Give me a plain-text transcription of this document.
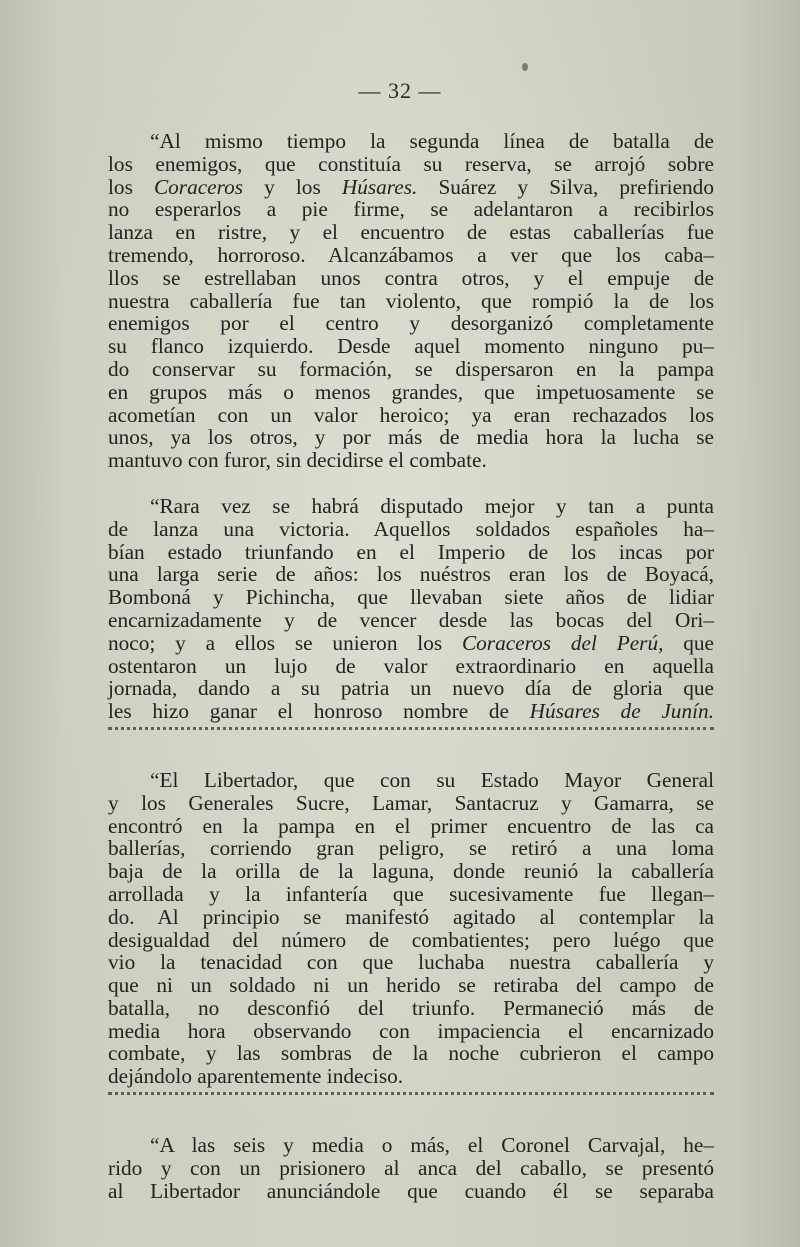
— 32 —
“Al mismo tiempo la segunda línea de batalla de
los enemigos, que constituía su reserva, se arrojó sobre
los Coraceros y los Húsares. Suárez y Silva, prefiriendo
no esperarlos a pie firme, se adelantaron a recibirlos
lanza en ristre, y el encuentro de estas caballerías fue
tremendo, horroroso. Alcanzábamos a ver que los caba–
llos se estrellaban unos contra otros, y el empuje de
nuestra caballería fue tan violento, que rompió la de los
enemigos por el centro y desorganizó completamente
su flanco izquierdo. Desde aquel momento ninguno pu–
do conservar su formación, se dispersaron en la pampa
en grupos más o menos grandes, que impetuosamente se
acometían con un valor heroico; ya eran rechazados los
unos, ya los otros, y por más de media hora la lucha se
mantuvo con furor, sin decidirse el combate.
“Rara vez se habrá disputado mejor y tan a punta
de lanza una victoria. Aquellos soldados españoles ha–
bían estado triunfando en el Imperio de los incas por
una larga serie de años: los nuéstros eran los de Boyacá,
Bomboná y Pichincha, que llevaban siete años de lidiar
encarnizadamente y de vencer desde las bocas del Ori–
noco; y a ellos se unieron los Coraceros del Perú, que
ostentaron un lujo de valor extraordinario en aquella
jornada, dando a su patria un nuevo día de gloria que
les hizo ganar el honroso nombre de Húsares de Junín.
“El Libertador, que con su Estado Mayor General
y los Generales Sucre, Lamar, Santacruz y Gamarra, se
encontró en la pampa en el primer encuentro de las ca
ballerías, corriendo gran peligro, se retiró a una loma
baja de la orilla de la laguna, donde reunió la caballería
arrollada y la infantería que sucesivamente fue llegan–
do. Al principio se manifestó agitado al contemplar la
desigualdad del número de combatientes; pero luégo que
vio la tenacidad con que luchaba nuestra caballería y
que ni un soldado ni un herido se retiraba del campo de
batalla, no desconfió del triunfo. Permaneció más de
media hora observando con impaciencia el encarnizado
combate, y las sombras de la noche cubrieron el campo
dejándolo aparentemente indeciso.
“A las seis y media o más, el Coronel Carvajal, he–
rido y con un prisionero al anca del caballo, se presentó
al Libertador anunciándole que cuando él se separaba
